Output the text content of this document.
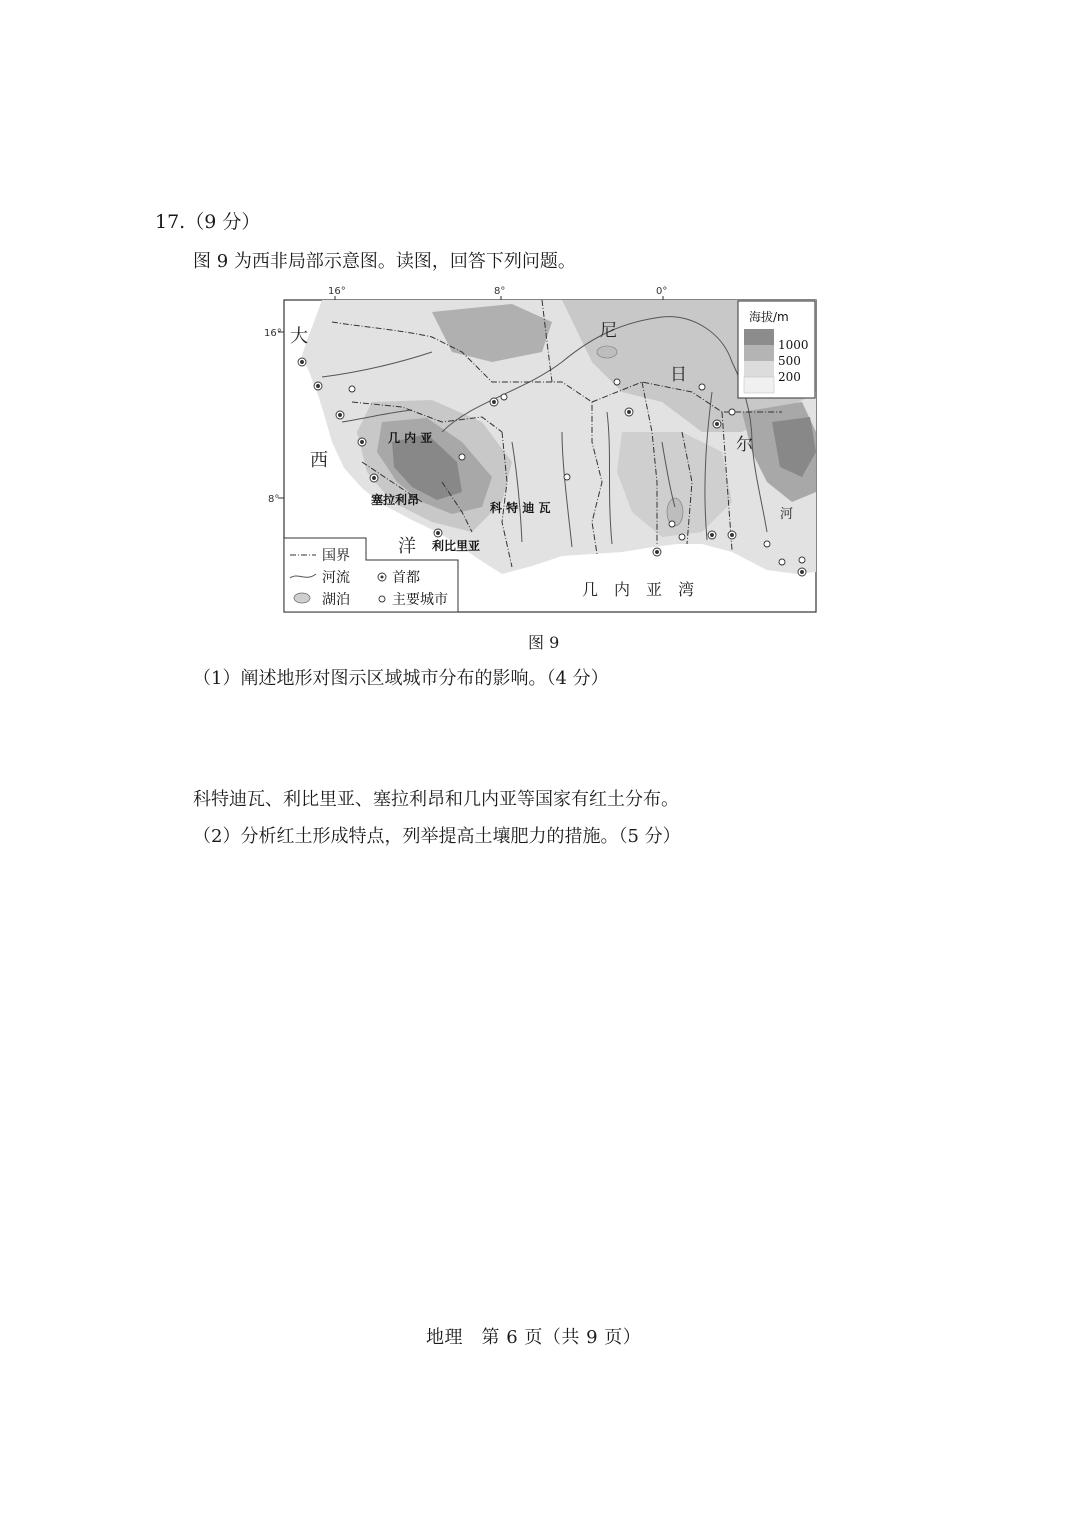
17.（9 分）
图 9 为西非局部示意图。读图，回答下列问题。
16°	8°	0°
16°
8°
大
西
洋
尼
日
尔
河
几　内　亚　湾
几 内 亚
塞拉利昂
科 特 迪 瓦
利比里亚
海拔/m
1000
500
200
国界
河流
湖泊
首都
主要城市
图 9
（1）阐述地形对图示区域城市分布的影响。（4 分）
科特迪瓦、利比里亚、塞拉利昂和几内亚等国家有红土分布。
（2）分析红土形成特点，列举提高土壤肥力的措施。（5 分）
地理　第 6 页（共 9 页）
